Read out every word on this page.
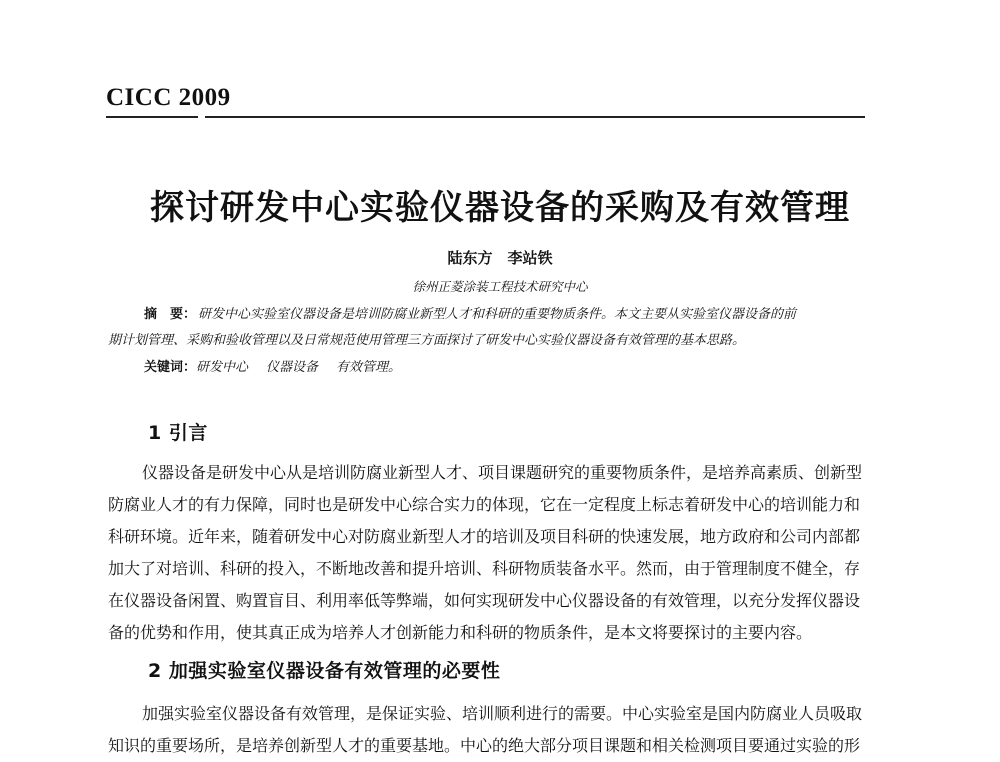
CICC 2009
探讨研发中心实验仪器设备的采购及有效管理
陆东方　李站铁
徐州正菱涂装工程技术研究中心
摘　要： 研发中心实验室仪器设备是培训防腐业新型人才和科研的重要物质条件。本文主要从实验室仪器设备的前
期计划管理、采购和验收管理以及日常规范使用管理三方面探讨了研发中心实验仪器设备有效管理的基本思路。
关键词：研发中心 仪器设备 有效管理。
1 引言
仪器设备是研发中心从是培训防腐业新型人才、项目课题研究的重要物质条件，是培养高素质、创新型
防腐业人才的有力保障，同时也是研发中心综合实力的体现，它在一定程度上标志着研发中心的培训能力和
科研环境。近年来，随着研发中心对防腐业新型人才的培训及项目科研的快速发展，地方政府和公司内部都
加大了对培训、科研的投入，不断地改善和提升培训、科研物质装备水平。然而，由于管理制度不健全，存
在仪器设备闲置、购置盲目、利用率低等弊端，如何实现研发中心仪器设备的有效管理，以充分发挥仪器设
备的优势和作用，使其真正成为培养人才创新能力和科研的物质条件，是本文将要探讨的主要内容。
2 加强实验室仪器设备有效管理的必要性
加强实验室仪器设备有效管理，是保证实验、培训顺利进行的需要。中心实验室是国内防腐业人员吸取
知识的重要场所，是培养创新型人才的重要基地。中心的绝大部分项目课题和相关检测项目要通过实验的形
